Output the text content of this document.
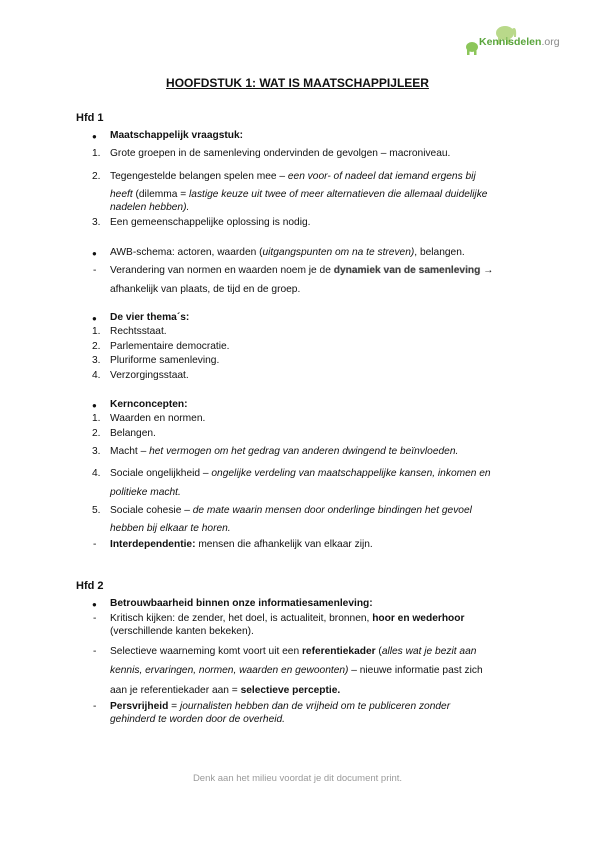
Kennisdelen.org
HOOFDSTUK 1: WAT IS MAATSCHAPPIJLEER
Hfd 1
● Maatschappelijk vraagstuk:
1. Grote groepen in de samenleving ondervinden de gevolgen – macroniveau.
2. Tegengestelde belangen spelen mee – een voor- of nadeel dat iemand ergens bij
heeft (dilemma = lastige keuze uit twee of meer alternatieven die allemaal duidelijke
nadelen hebben).
3. Een gemeenschappelijke oplossing is nodig.
● AWB-schema: actoren, waarden (uitgangspunten om na te streven), belangen.
- Verandering van normen en waarden noem je de dynamiek van de samenleving →
afhankelijk van plaats, de tijd en de groep.
● De vier thema´s:
1. Rechtsstaat.
2. Parlementaire democratie.
3. Pluriforme samenleving.
4. Verzorgingsstaat.
● Kernconcepten:
1. Waarden en normen.
2. Belangen.
3. Macht – het vermogen om het gedrag van anderen dwingend te beïnvloeden.
4. Sociale ongelijkheid – ongelijke verdeling van maatschappelijke kansen, inkomen en
politieke macht.
5. Sociale cohesie – de mate waarin mensen door onderlinge bindingen het gevoel
hebben bij elkaar te horen.
- Interdependentie: mensen die afhankelijk van elkaar zijn.
Hfd 2
● Betrouwbaarheid binnen onze informatiesamenleving:
- Kritisch kijken: de zender, het doel, is actualiteit, bronnen, hoor en wederhoor
(verschillende kanten bekeken).
- Selectieve waarneming komt voort uit een referentiekader (alles wat je bezit aan
kennis, ervaringen, normen, waarden en gewoonten) – nieuwe informatie past zich
aan je referentiekader aan = selectieve perceptie.
- Persvrijheid = journalisten hebben dan de vrijheid om te publiceren zonder
gehinderd te worden door de overheid.
Denk aan het milieu voordat je dit document print.
